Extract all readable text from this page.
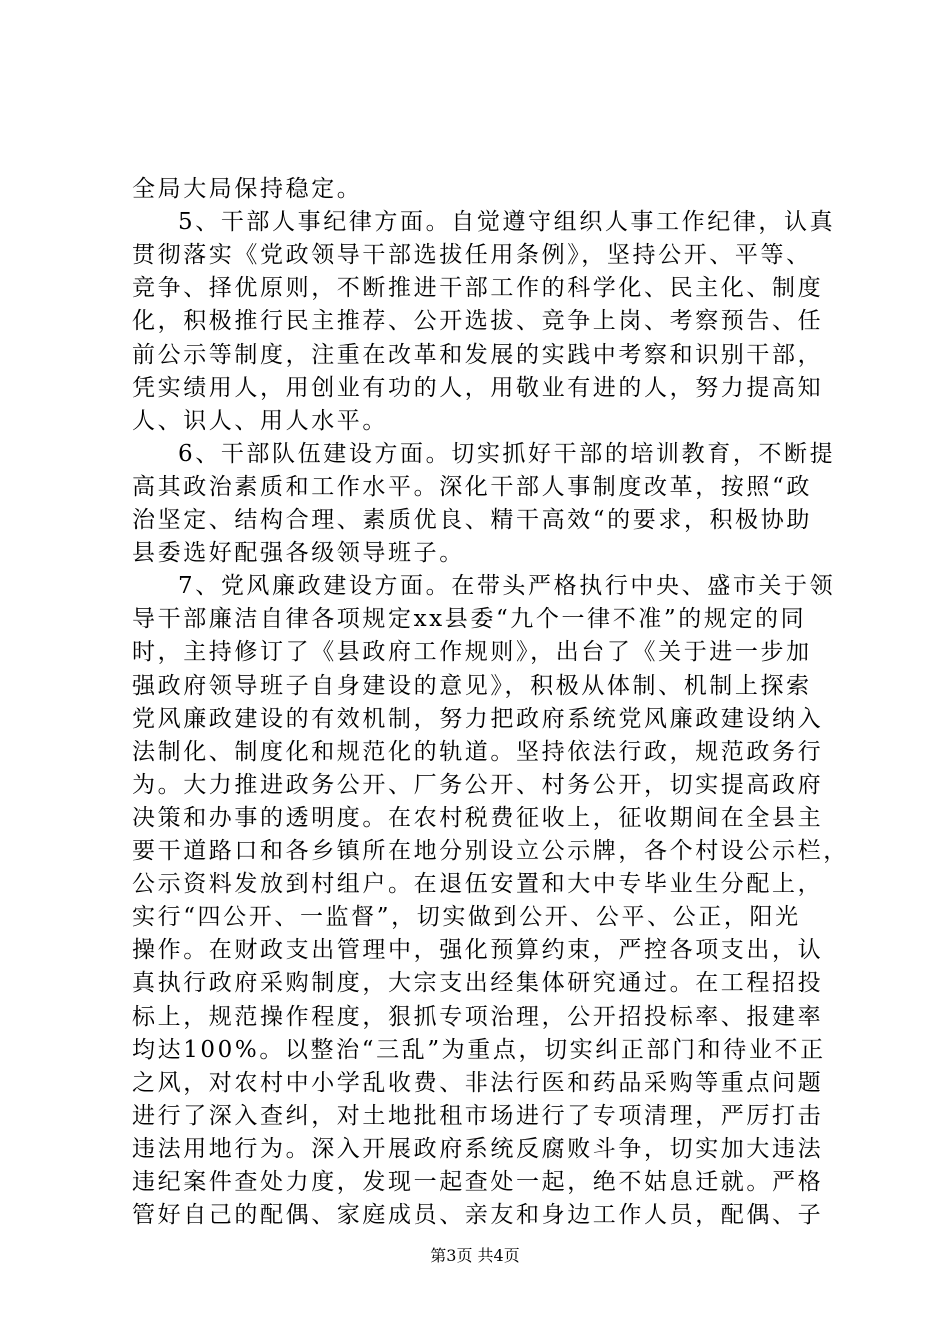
全局大局保持稳定。
5、干部人事纪律方面。自觉遵守组织人事工作纪律，认真
贯彻落实《党政领导干部选拔任用条例》，坚持公开、平等、
竞争、择优原则，不断推进干部工作的科学化、民主化、制度
化，积极推行民主推荐、公开选拔、竞争上岗、考察预告、任
前公示等制度，注重在改革和发展的实践中考察和识别干部，
凭实绩用人，用创业有功的人，用敬业有进的人，努力提高知
人、识人、用人水平。
6、干部队伍建设方面。切实抓好干部的培训教育，不断提
高其政治素质和工作水平。深化干部人事制度改革，按照“政
治坚定、结构合理、素质优良、精干高效“的要求，积极协助
县委选好配强各级领导班子。
7、党风廉政建设方面。在带头严格执行中央、盛市关于领
导干部廉洁自律各项规定xx县委“九个一律不准”的规定的同
时，主持修订了《县政府工作规则》，出台了《关于进一步加
强政府领导班子自身建设的意见》，积极从体制、机制上探索
党风廉政建设的有效机制，努力把政府系统党风廉政建设纳入
法制化、制度化和规范化的轨道。坚持依法行政，规范政务行
为。大力推进政务公开、厂务公开、村务公开，切实提高政府
决策和办事的透明度。在农村税费征收上，征收期间在全县主
要干道路口和各乡镇所在地分别设立公示牌，各个村设公示栏，
公示资料发放到村组户。在退伍安置和大中专毕业生分配上，
实行“四公开、一监督”，切实做到公开、公平、公正，阳光
操作。在财政支出管理中，强化预算约束，严控各项支出，认
真执行政府采购制度，大宗支出经集体研究通过。在工程招投
标上，规范操作程度，狠抓专项治理，公开招投标率、报建率
均达100%。以整治“三乱”为重点，切实纠正部门和待业不正
之风，对农村中小学乱收费、非法行医和药品采购等重点问题
进行了深入查纠，对土地批租市场进行了专项清理，严厉打击
违法用地行为。深入开展政府系统反腐败斗争，切实加大违法
违纪案件查处力度，发现一起查处一起，绝不姑息迁就。严格
管好自己的配偶、家庭成员、亲友和身边工作人员，配偶、子
第3页 共4页
